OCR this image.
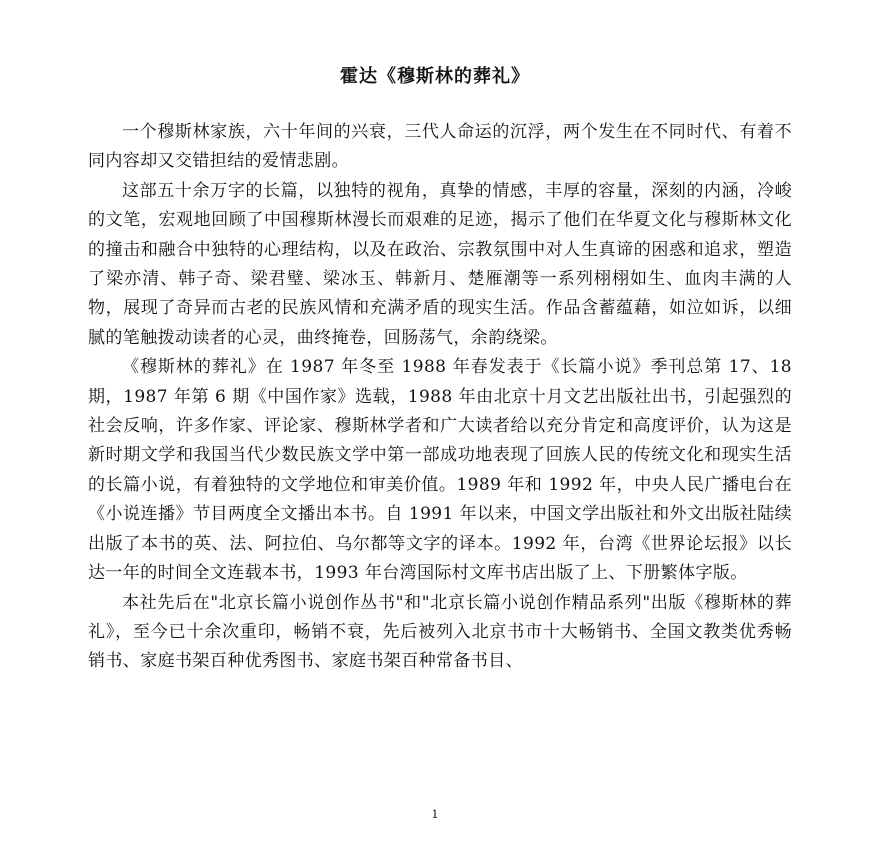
霍达《穆斯林的葬礼》

一个穆斯林家族，六十年间的兴衰，三代人命运的沉浮，两个发生在不同时代、有着不同内容却又交错担结的爱情悲剧。

这部五十余万字的长篇，以独特的视角，真挚的情感，丰厚的容量，深刻的内涵，冷峻的文笔，宏观地回顾了中国穆斯林漫长而艰难的足迹，揭示了他们在华夏文化与穆斯林文化的撞击和融合中独特的心理结构，以及在政治、宗教氛围中对人生真谛的困惑和追求，塑造了梁亦清、韩子奇、梁君璧、梁冰玉、韩新月、楚雁潮等一系列栩栩如生、血肉丰满的人物，展现了奇异而古老的民族风情和充满矛盾的现实生活。作品含蓄蕴藉，如泣如诉，以细腻的笔触拨动读者的心灵，曲终掩卷，回肠荡气，余韵绕梁。

《穆斯林的葬礼》在 1987 年冬至 1988 年春发表于《长篇小说》季刊总第 17、18 期，1987 年第 6 期《中国作家》选载，1988 年由北京十月文艺出版社出书，引起强烈的社会反响，许多作家、评论家、穆斯林学者和广大读者给以充分肯定和高度评价，认为这是新时期文学和我国当代少数民族文学中第一部成功地表现了回族人民的传统文化和现实生活的长篇小说，有着独特的文学地位和审美价值。1989 年和 1992 年，中央人民广播电台在《小说连播》节目两度全文播出本书。自 1991 年以来，中国文学出版社和外文出版社陆续出版了本书的英、法、阿拉伯、乌尔都等文字的译本。1992 年，台湾《世界论坛报》以长达一年的时间全文连载本书，1993 年台湾国际村文库书店出版了上、下册繁体字版。

本社先后在"北京长篇小说创作丛书"和"北京长篇小说创作精品系列"出版《穆斯林的葬礼》，至今已十余次重印，畅销不衰，先后被列入北京书市十大畅销书、全国文教类优秀畅销书、家庭书架百种优秀图书、家庭书架百种常备书目、

1
